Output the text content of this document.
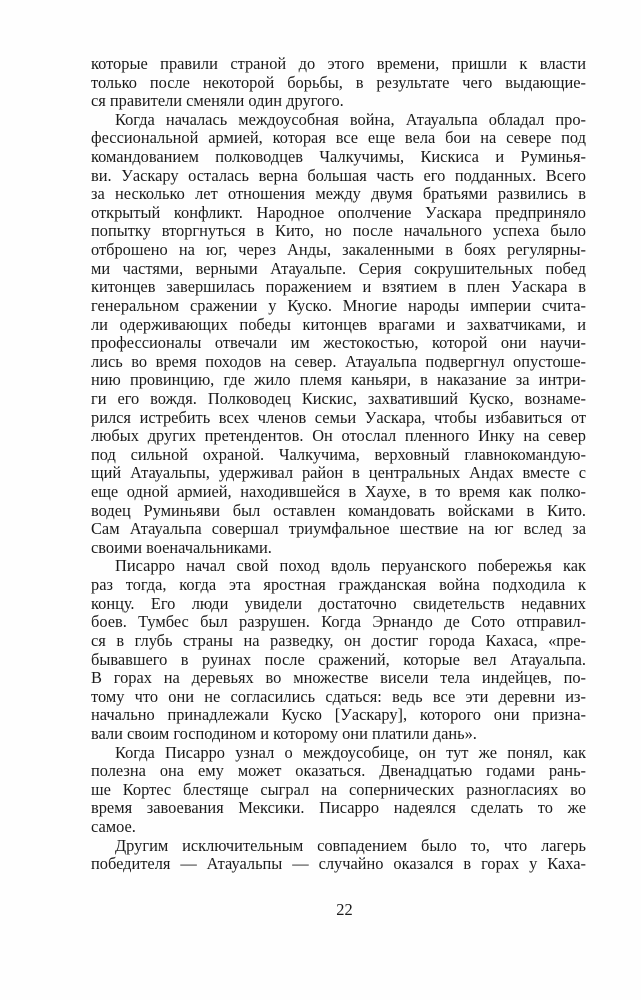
которые правили страной до этого времени, пришли к власти
только после некоторой борьбы, в результате чего выдающие-
ся правители сменяли один другого.
Когда началась междоусобная война, Атауальпа обладал про-
фессиональной армией, которая все еще вела бои на севере под
командованием полководцев Чалкучимы, Кискиса и Руминья-
ви. Уаскару осталась верна большая часть его подданных. Всего
за несколько лет отношения между двумя братьями развились в
открытый конфликт. Народное ополчение Уаскара предприняло
попытку вторгнуться в Кито, но после начального успеха было
отброшено на юг, через Анды, закаленными в боях регулярны-
ми частями, верными Атауальпе. Серия сокрушительных побед
китонцев завершилась поражением и взятием в плен Уаскара в
генеральном сражении у Куско. Многие народы империи счита-
ли одерживающих победы китонцев врагами и захватчиками, и
профессионалы отвечали им жестокостью, которой они научи-
лись во время походов на север. Атауальпа подвергнул опустоше-
нию провинцию, где жило племя каньяри, в наказание за интри-
ги его вождя. Полководец Кискис, захвативший Куско, вознаме-
рился истребить всех членов семьи Уаскара, чтобы избавиться от
любых других претендентов. Он отослал пленного Инку на север
под сильной охраной. Чалкучима, верховный главнокомандую-
щий Атауальпы, удерживал район в центральных Андах вместе с
еще одной армией, находившейся в Хаухе, в то время как полко-
водец Руминьяви был оставлен командовать войсками в Кито.
Сам Атауальпа совершал триумфальное шествие на юг вслед за
своими военачальниками.
Писарро начал свой поход вдоль перуанского побережья как
раз тогда, когда эта яростная гражданская война подходила к
концу. Его люди увидели достаточно свидетельств недавних
боев. Тумбес был разрушен. Когда Эрнандо де Сото отправил-
ся в глубь страны на разведку, он достиг города Кахаса, «пре-
бывавшего в руинах после сражений, которые вел Атауальпа.
В горах на деревьях во множестве висели тела индейцев, по-
тому что они не согласились сдаться: ведь все эти деревни из-
начально принадлежали Куско [Уаскару], которого они призна-
вали своим господином и которому они платили дань».
Когда Писарро узнал о междоусобице, он тут же понял, как
полезна она ему может оказаться. Двенадцатью годами рань-
ше Кортес блестяще сыграл на сопернических разногласиях во
время завоевания Мексики. Писарро надеялся сделать то же
самое.
Другим исключительным совпадением было то, что лагерь
победителя — Атауальпы — случайно оказался в горах у Каха-
22
